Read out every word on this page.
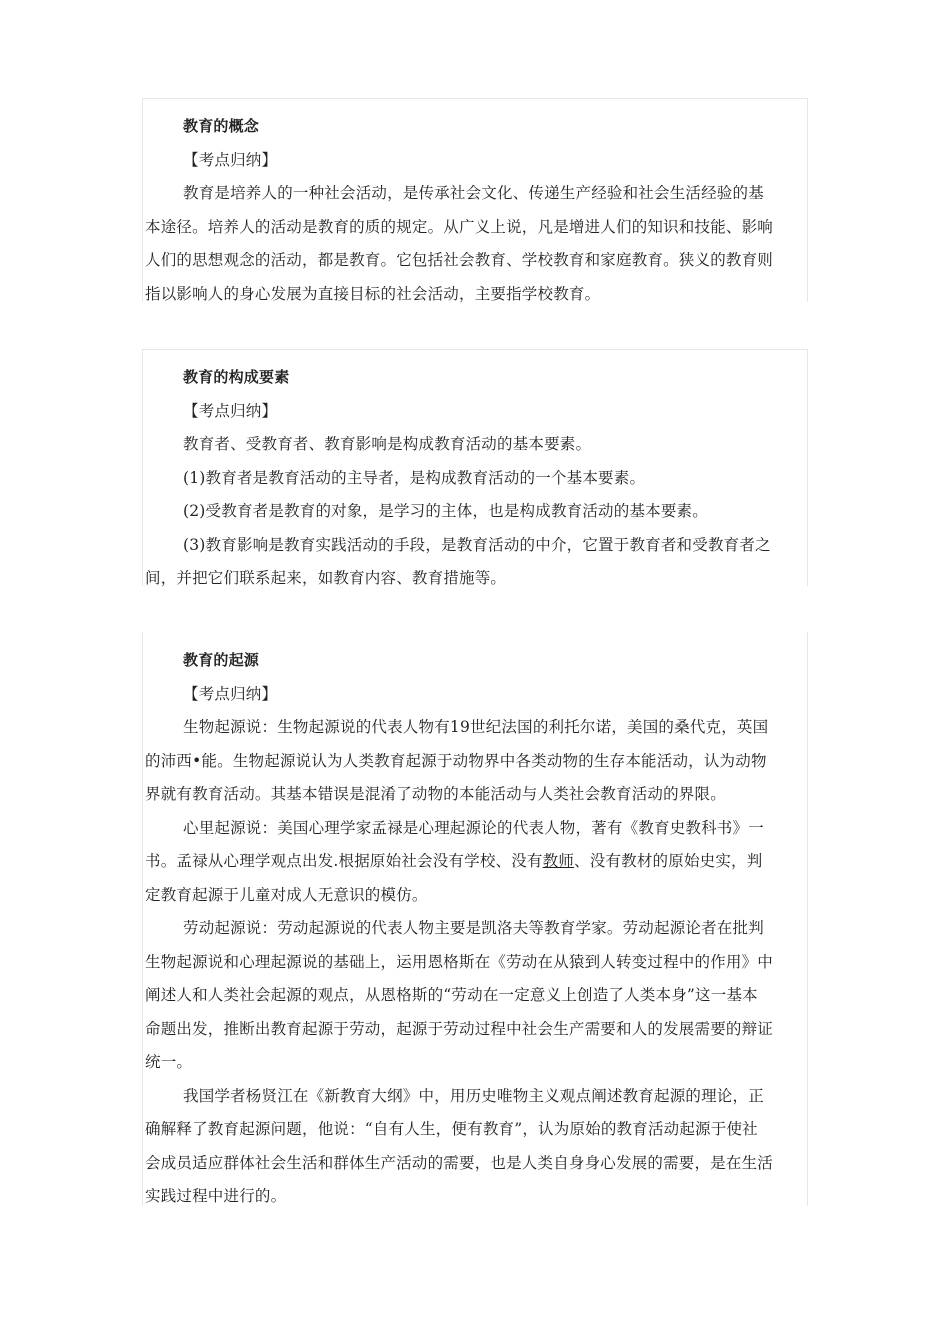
教育的概念
【考点归纳】
教育是培养人的一种社会活动，是传承社会文化、传递生产经验和社会生活经验的基
本途径。培养人的活动是教育的质的规定。从广义上说，凡是增进人们的知识和技能、影响
人们的思想观念的活动，都是教育。它包括社会教育、学校教育和家庭教育。狭义的教育则
指以影响人的身心发展为直接目标的社会活动，主要指学校教育。
教育的构成要素
【考点归纳】
教育者、受教育者、教育影响是构成教育活动的基本要素。
(1)教育者是教育活动的主导者，是构成教育活动的一个基本要素。
(2)受教育者是教育的对象，是学习的主体，也是构成教育活动的基本要素。
(3)教育影响是教育实践活动的手段，是教育活动的中介，它置于教育者和受教育者之
间，并把它们联系起来，如教育内容、教育措施等。
教育的起源
【考点归纳】
生物起源说：生物起源说的代表人物有19世纪法国的利托尔诺，美国的桑代克，英国
的沛西•能。生物起源说认为人类教育起源于动物界中各类动物的生存本能活动，认为动物
界就有教育活动。其基本错误是混淆了动物的本能活动与人类社会教育活动的界限。
心里起源说：美国心理学家孟禄是心理起源论的代表人物，著有《教育史教科书》一
书。孟禄从心理学观点出发.根据原始社会没有学校、没有教师、没有教材的原始史实，判
定教育起源于儿童对成人无意识的模仿。
劳动起源说：劳动起源说的代表人物主要是凯洛夫等教育学家。劳动起源论者在批判
生物起源说和心理起源说的基础上，运用恩格斯在《劳动在从猿到人转变过程中的作用》中
阐述人和人类社会起源的观点，从恩格斯的“劳动在一定意义上创造了人类本身”这一基本
命题出发，推断出教育起源于劳动，起源于劳动过程中社会生产需要和人的发展需要的辩证
统一。
我国学者杨贤江在《新教育大纲》中，用历史唯物主义观点阐述教育起源的理论，正
确解释了教育起源问题，他说：“自有人生，便有教育”，认为原始的教育活动起源于使社
会成员适应群体社会生活和群体生产活动的需要，也是人类自身身心发展的需要，是在生活
实践过程中进行的。
